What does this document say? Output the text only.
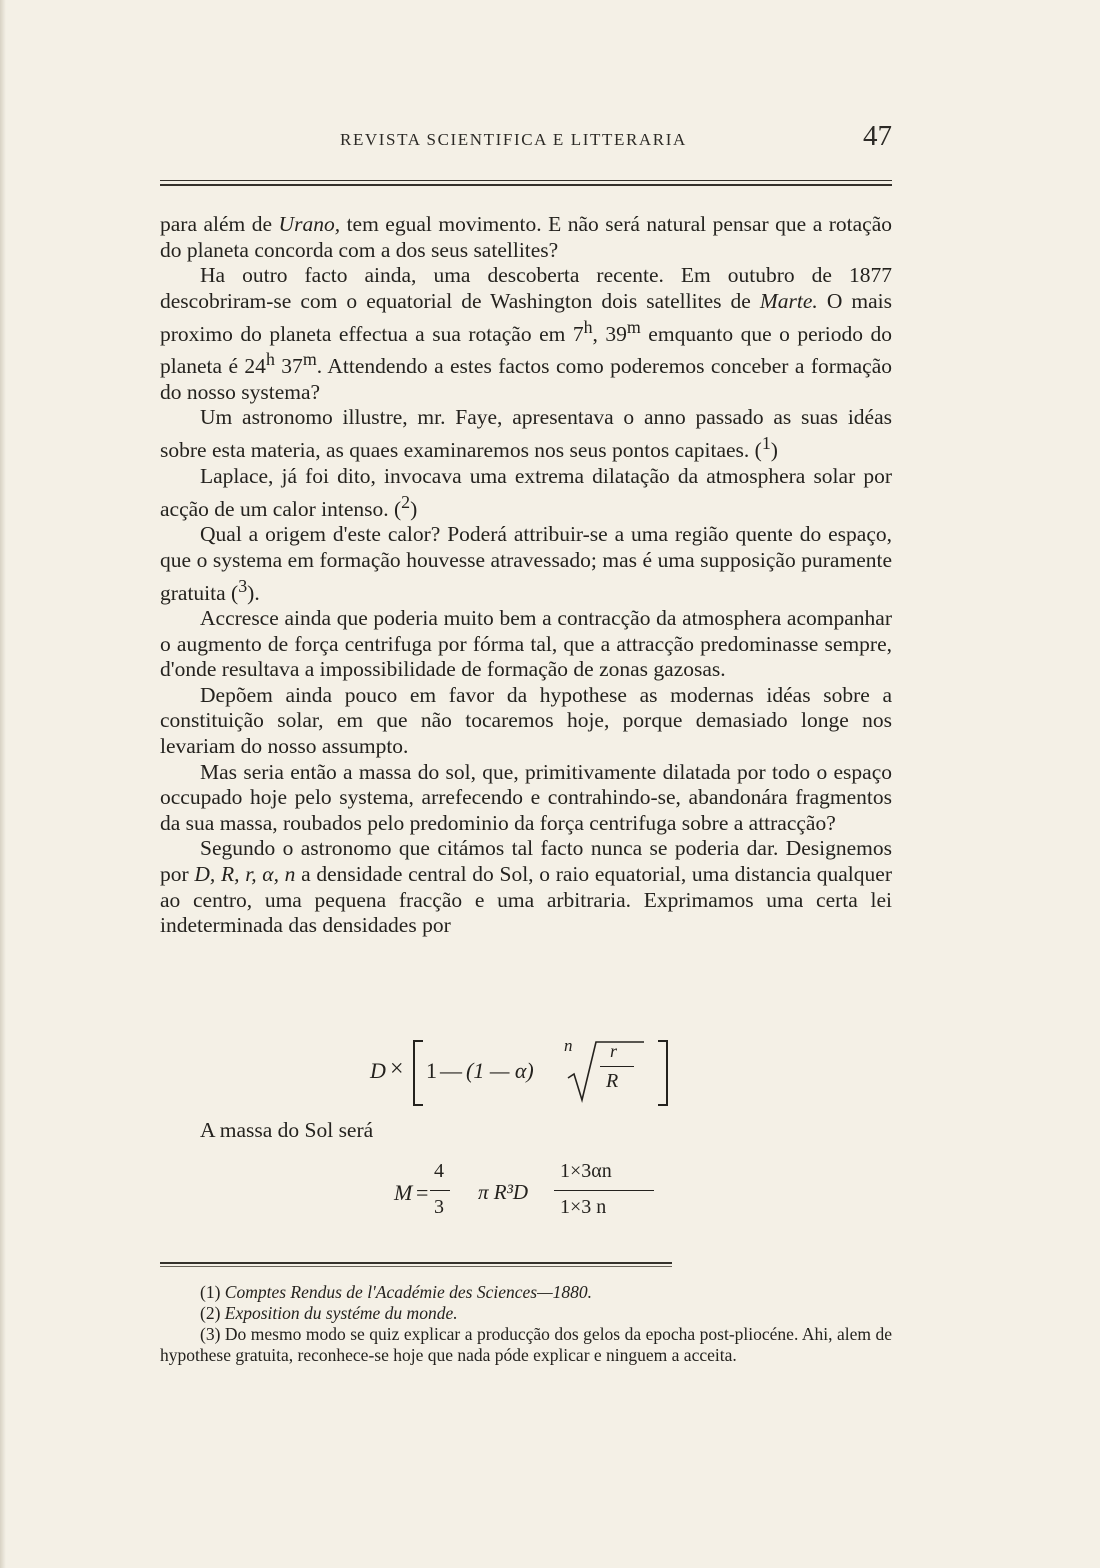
REVISTA SCIENTIFICA E LITTERARIA	47

para além de Urano, tem egual movimento. E não será natural pensar que a rotação do planeta concorda com a dos seus satellites?

Ha outro facto ainda, uma descoberta recente. Em outubro de 1877 descobriram-se com o equatorial de Washington dois satellites de Marte. O mais proximo do planeta effectua a sua rotação em 7$^h$, 39$^m$ emquanto que o periodo do planeta é 24$^h$ 37$^m$. Attendendo a estes factos como poderemos conceber a formação do nosso systema?

Um astronomo illustre, mr. Faye, apresentava o anno passado as suas idéas sobre esta materia, as quaes examinaremos nos seus pontos capitaes. ($^1$)

Laplace, já foi dito, invocava uma extrema dilatação da atmosphera solar por acção de um calor intenso. ($^2$)

Qual a origem d'este calor? Poderá attribuir-se a uma região quente do espaço, que o systema em formação houvesse atravessado; mas é uma supposição puramente gratuita ($^3$).

Accresce ainda que poderia muito bem a contracção da atmosphera acompanhar o augmento de força centrifuga por fórma tal, que a attracção predominasse sempre, d'onde resultava a impossibilidade de formação de zonas gazosas.

Depõem ainda pouco em favor da hypothese as modernas idéas sobre a constituição solar, em que não tocaremos hoje, porque demasiado longe nos levariam do nosso assumpto.

Mas seria então a massa do sol, que, primitivamente dilatada por todo o espaço occupado hoje pelo systema, arrefecendo e contrahindo-se, abandonára fragmentos da sua massa, roubados pelo predominio da força centrifuga sobre a attracção?

Segundo o astronomo que citámos tal facto nunca se poderia dar. Designemos por D, R, r, α, n a densidade central do Sol, o raio equatorial, uma distancia qualquer ao centro, uma pequena fracção e uma arbitraria. Exprimamos uma certa lei indeterminada das densidades por

D × 1 — (1 — α)
n r
R
A massa do Sol será
M =
4
3
π R³D
1×3αn
1×3 n

(1) Comptes Rendus de l'Académie des Sciences—1880.

(2) Exposition du systéme du monde.

(3) Do mesmo modo se quiz explicar a producção dos gelos da epocha post-pliocéne. Ahi, alem de hypothese gratuita, reconhece-se hoje que nada póde explicar e ninguem a acceita.
